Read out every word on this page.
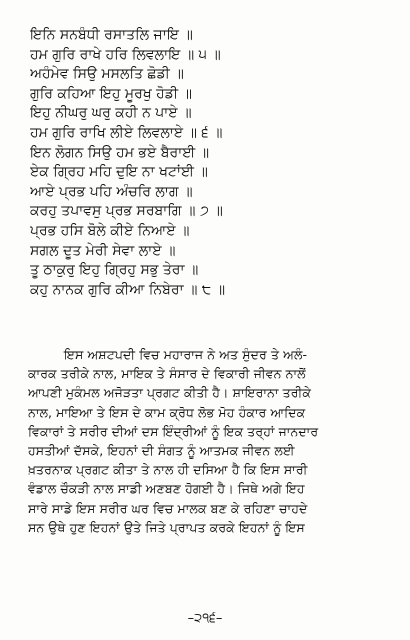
ਇਨਿ ਸਨਬੰਧੀ ਰਸਾਤਲਿ ਜਾਇ ॥
ਹਮ ਗੁਰਿ ਰਾਖੇ ਹਰਿ ਲਿਵਲਾਇ ॥ ੫ ॥
ਅਹੰਮੇਵ ਸਿਉ ਮਸਲਤਿ ਛੋਡੀ ॥
ਗੁਰਿ ਕਹਿਆ ਇਹੁ ਮੂਰਖੁ ਹੋਡੀ ॥
ਇਹੁ ਨੀਘਰੁ ਘਰੁ ਕਹੀ ਨ ਪਾਏ ॥
ਹਮ ਗੁਰਿ ਰਾਖਿ ਲੀਏ ਲਿਵਲਾਏ ॥ ੬ ॥
ਇਨ ਲੋਗਨ ਸਿਉ ਹਮ ਭਏ ਬੈਰਾਈ ॥
ਏਕ ਗ੍ਰਿਹ ਮਹਿ ਦੁਇ ਨਾ ਖਟਾਂਈ ॥
ਆਏ ਪ੍ਰਭ ਪਹਿ ਅੰਚਰਿ ਲਾਗ ॥
ਕਰਹੁ ਤਪਾਵਸੁ ਪ੍ਰਭ ਸਰਬਾਗਿ ॥ ੭ ॥
ਪ੍ਰਭ ਹਸਿ ਬੋਲੇ ਕੀਏ ਨਿਆਏ ॥
ਸਗਲ ਦੂਤ ਮੇਰੀ ਸੇਵਾ ਲਾਏ ॥
ਤੂ ਠਾਕੁਰੁ ਇਹੁ ਗ੍ਰਿਹੁ ਸਭੁ ਤੇਰਾ ॥
ਕਹੁ ਨਾਨਕ ਗੁਰਿ ਕੀਆ ਨਿਬੇਰਾ ॥ ੮ ॥
ਇਸ ਅਸ਼ਟਪਦੀ ਵਿਚ ਮਹਾਰਾਜ ਨੇ ਅਤ ਸੁੰਦਰ ਤੇ ਅਲੰ-
ਕਾਰਕ ਤਰੀਕੇ ਨਾਲ, ਮਾਇਕ ਤੇ ਸੰਸਾਰ ਦੇ ਵਿਕਾਰੀ ਜੀਵਨ ਨਾਲੋਂ
ਆਪਣੀ ਮੁਕੰਮਲ ਅਜੋੜਤਾ ਪ੍ਰਗਟ ਕੀਤੀ ਹੈ। ਸ਼ਾਇਰਾਨਾ ਤਰੀਕੇ
ਨਾਲ, ਮਾਇਆ ਤੇ ਇਸ ਦੇ ਕਾਮ ਕ੍ਰੋਧ ਲੋਭ ਮੋਹ ਹੰਕਾਰ ਆਦਿਕ
ਵਿਕਾਰਾਂ ਤੇ ਸਰੀਰ ਦੀਆਂ ਦਸ ਇੰਦ੍ਰੀਆਂ ਨੂੰ ਇਕ ਤਰ੍ਹਾਂ ਜਾਨਦਾਰ
ਹਸਤੀਆਂ ਦੱਸਕੇ, ਇਹਨਾਂ ਦੀ ਸੰਗਤ ਨੂੰ ਆਤਮਕ ਜੀਵਨ ਲਈ
ਖ਼ਤਰਨਾਕ ਪ੍ਰਗਟ ਕੀਤਾ ਤੇ ਨਾਲ ਹੀ ਦਸਿਆ ਹੈ ਕਿ ਇਸ ਸਾਰੀ
ਵੰਡਾਲ ਚੌਕੜੀ ਨਾਲ ਸਾਡੀ ਅਣਬਣ ਹੋਗਈ ਹੈ। ਜਿਥੇ ਅਗੇ ਇਹ
ਸਾਰੇ ਸਾਡੇ ਇਸ ਸਰੀਰ ਘਰ ਵਿਚ ਮਾਲਕ ਬਣ ਕੇ ਰਹਿਣਾ ਚਾਹਦੇ
ਸਨ ਉਥੇ ਹੁਣ ਇਹਨਾਂ ਉਤੇ ਜਿਤੇ ਪ੍ਰਾਪਤ ਕਰਕੇ ਇਹਨਾਂ ਨੂੰ ਇਸ
–੨੧੬–
